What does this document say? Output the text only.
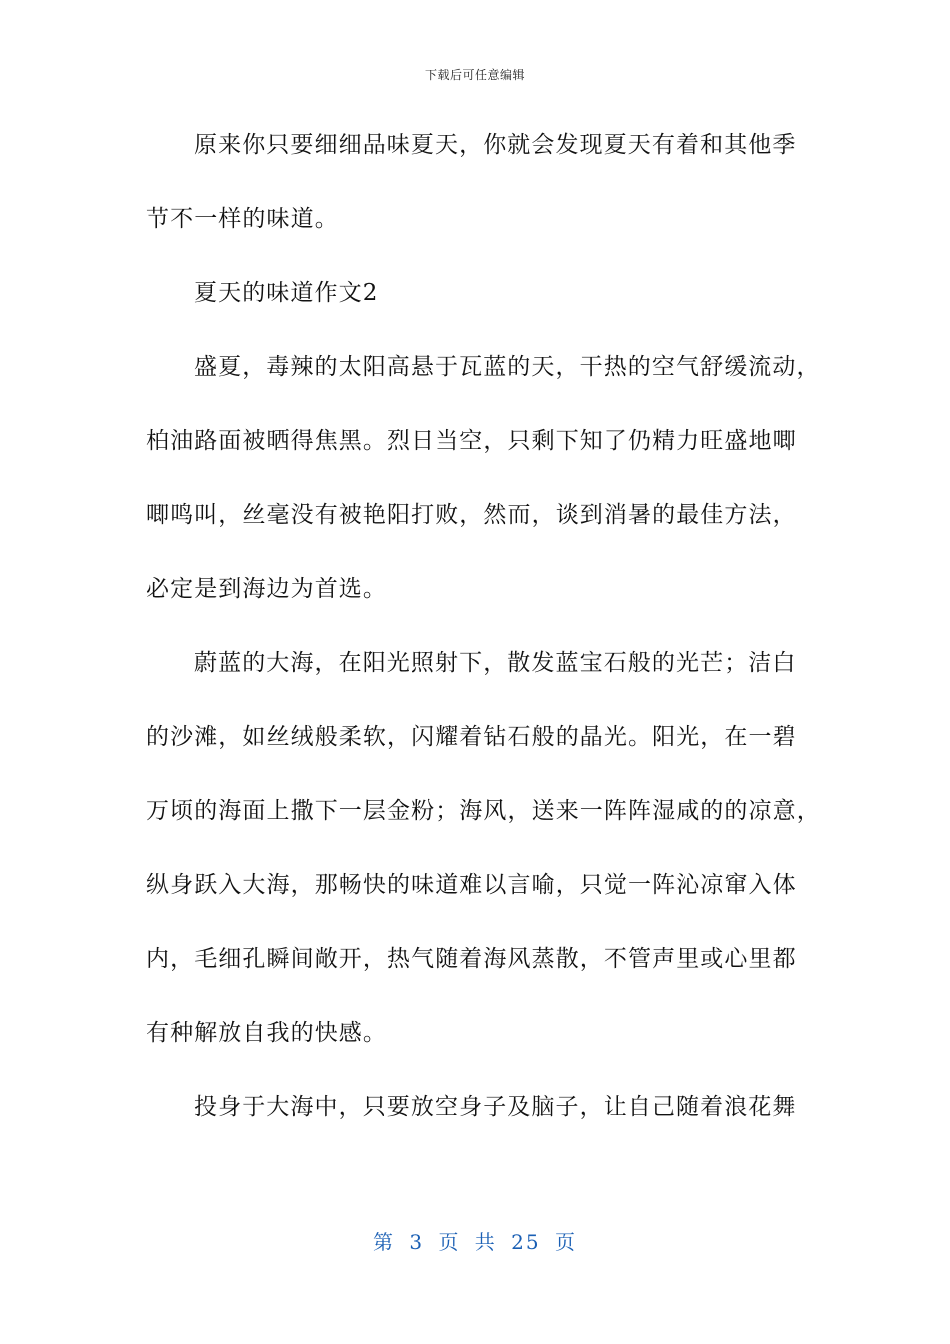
下载后可任意编辑
原来你只要细细品味夏天，你就会发现夏天有着和其他季
节不一样的味道。
夏天的味道作文2
盛夏，毒辣的太阳高悬于瓦蓝的天，干热的空气舒缓流动，
柏油路面被晒得焦黑。烈日当空，只剩下知了仍精力旺盛地唧
唧鸣叫，丝毫没有被艳阳打败，然而，谈到消暑的最佳方法，
必定是到海边为首选。
蔚蓝的大海，在阳光照射下，散发蓝宝石般的光芒；洁白
的沙滩，如丝绒般柔软，闪耀着钻石般的晶光。阳光，在一碧
万顷的海面上撒下一层金粉；海风，送来一阵阵湿咸的的凉意，
纵身跃入大海，那畅快的味道难以言喻，只觉一阵沁凉窜入体
内，毛细孔瞬间敞开，热气随着海风蒸散，不管声里或心里都
有种解放自我的快感。
投身于大海中，只要放空身子及脑子，让自己随着浪花舞
第 3 页 共 25 页
